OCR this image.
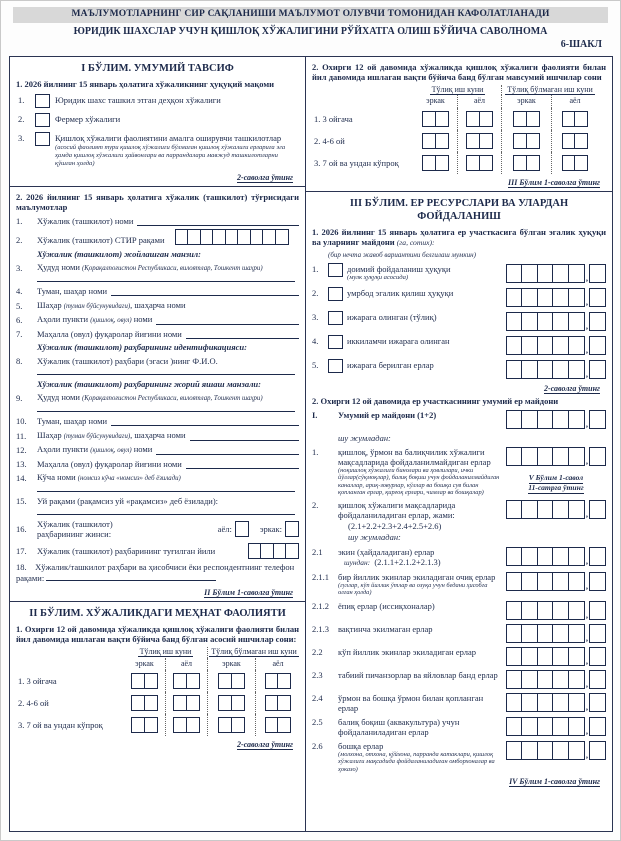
МАЪЛУМОТЛАРНИНГ СИР САҚЛАНИШИ МАЪЛУМОТ ОЛУВЧИ ТОМОНИДАН КАФОЛАТЛАНАДИ
ЮРИДИК ШАХСЛАР УЧУН ҚИШЛОҚ ХЎЖАЛИГИНИ РЎЙХАТГА ОЛИШ БЎЙИЧА САВОЛНОМА
6-ШАКЛ
I БЎЛИМ. УМУМИЙ ТАВСИФ
1. 2026 йилнинг 15 январь ҳолатига хўжаликнинг ҳуқуқий мақоми
1.	Юридик шахс ташкил этган деҳқон хўжалиги
2.	Фермер хўжалиги
3.	Қишлоқ хўжалиги фаолиятини амалга оширувчи ташкилотлар
(асосий фаолият тури қишлоқ хўжалиги бўлмаган қишлоқ хўжалиги ерларига эга ҳамда қишлоқ хўжалиги ҳайвонлари ва паррандалари мавжуд ташкилотларни қўшган ҳолда)
2-саволга ўтинг
2. 2026 йилнинг 15 январь ҳолатига хўжалик (ташкилот) тўғрисидаги маълумотлар
1.	Хўжалик (ташкилот) номи
2.	Хўжалик (ташкилот) СТИР рақами
Хўжалик (ташкилот) жойлашган манзил:
3.	Ҳудуд номи (Қорақалпоғистон Республикаси, вилоятлар, Тошкент шаҳри)
4.	Туман, шаҳар номи
5.	Шаҳар (туман бўйсунувидаги), шаҳарча номи
6.	Аҳоли пункти (қишлоқ, овул) номи
7.	Маҳалла (овул) фуқаролар йиғини номи
Хўжалик (ташкилот) раҳбарининг идентификацияси:
8.	Хўжалик (ташкилот) раҳбари (эгаси )нинг Ф.И.О.
Хўжалик (ташкилот) раҳбарининг жорий яшаш манзали:
9.	Ҳудуд номи (Қорақалпоғистон Республикаси, вилоятлар, Тошкент шаҳри)
10.	Туман, шаҳар номи
11.	Шаҳар (туман бўйсунувидаги), шаҳарча номи
12.	Аҳоли пункти (қишлоқ, овул) номи
13.	Маҳалла (овул) фуқаролар йиғини номи
14.	Кўча номи (номсиз кўча «номсиз» деб ёзилади)
15.	Уй рақами (рақамсиз уй «рақамсиз» деб ёзилади):
16.	Хўжалик (ташкилот) раҳбарининг жинси:
аёл:	эркак:
17.	Хўжалик (ташкилот) раҳбарининг туғилган йили
18. Хўжалик/ташкилот раҳбари ва ҳисобчиси ёки респондентнинг телефон рақами:
II Бўлим 1-саволга ўтинг
II БЎЛИМ. ХЎЖАЛИКДАГИ МЕҲНАТ ФАОЛИЯТИ
1. Охирги 12 ой давомида хўжаликда қишлоқ хўжалиги фаолияти билан йил давомида ишлаган вақти бўйича банд бўлган асосий ишчилар сони:
Тўлиқ иш куни	Тўлиқ бўлмаган иш куни
эркак	аёл	эркак	аёл
1. 3 ойгача
2. 4-6 ой
3. 7 ой ва ундан кўпроқ
2-саволга ўтинг
2. Охирги 12 ой давомида хўжаликда қишлоқ хўжалиги фаолияти билан йил давомида ишлаган вақти бўйича банд бўлган мавсумий ишчилар сони
Тўлиқ иш куни	Тўлиқ бўлмаган иш куни
эркак	аёл	эркак	аёл
1. 3 ойгача
2. 4-6 ой
3. 7 ой ва ундан кўпроқ
III Бўлим 1-саволга ўтинг
III БЎЛИМ. ЕР РЕСУРСЛАРИ ВА УЛАРДАН ФОЙДАЛАНИШ
1. 2026 йилнинг 15 январь ҳолатига ер участкасига бўлган эгалик ҳуқуқи ва уларнинг майдони (га, сотих):
(бир нечта жавоб вариантини белгилаш мумкин)
1.	доимий фойдаланиш ҳуқуқи
(мулк ҳуқуқи асосида)	,
2.	умрбод эгалик қилиш ҳуқуқи
,
3.	ижарага олинган (тўлиқ)
,
4.	иккиламчи ижарага олинган
,
5.	ижарага берилган ерлар
,
2-саволга ўтинг
2. Охирги 12 ой давомида ер участкасининг умумий ер майдони
I.	Умумий ер майдони (1+2)
,
шу жумладан:
1.	қишлоқ, ўрмон ва балиқчилик хўжалиги мақсадларида фойдаланилмайдиган ерлар
(ноқишлоқ хўжалиги бинолари ва ҳовлилари, ички йўллар(сўқмоқлар), балиқ боқиш учун фойдаланилмайдиган каналлар, ариқ-зовурлар, кўллар ва бошқа сув билан қопланган ерлар, қирғоқ ерлари, чимлар ва бошқалар)
,
V Бўлим 1-савол
11-сатрга ўтинг
2.	қишлоқ хўжалиги мақсадларида фойдаланиладиган ерлар, жами:
(2.1+2.2+2.3+2.4+2.5+2.6)
шу жумладан:
,
2.1	экин (ҳайдаладиган) ерлар
шундан: (2.1.1+2.1.2+2.1.3)	,
2.1.1	бир йиллик экинлар экиладиган очиқ ерлар
(гуллар, кўп йиллик ўтлар ва озуқа учун бедани ҳисобга олган ҳолда)
,
2.1.2	ёпиқ ерлар (иссиқхоналар)
,
2.1.3	вақтинча экилмаган ерлар
,
2.2	кўп йиллик экинлар экиладиган ерлар
,
2.3	табиий пичанзорлар ва яйловлар банд ерлар
,
2.4	ўрмон ва бошқа ўрмон билан қопланган ерлар	,
2.5	балиқ боқиш (аквакультура) учун фойдаланиладиган ерлар	,
2.6	бошқа ерлар
(молхона, отхона, қўйхона, парранда катаклари, қишлоқ хўжалиги мақсадида фойдаланиладиган омборхоналар ва ҳоказо)
,
IV Бўлим 1-саволга ўтинг
